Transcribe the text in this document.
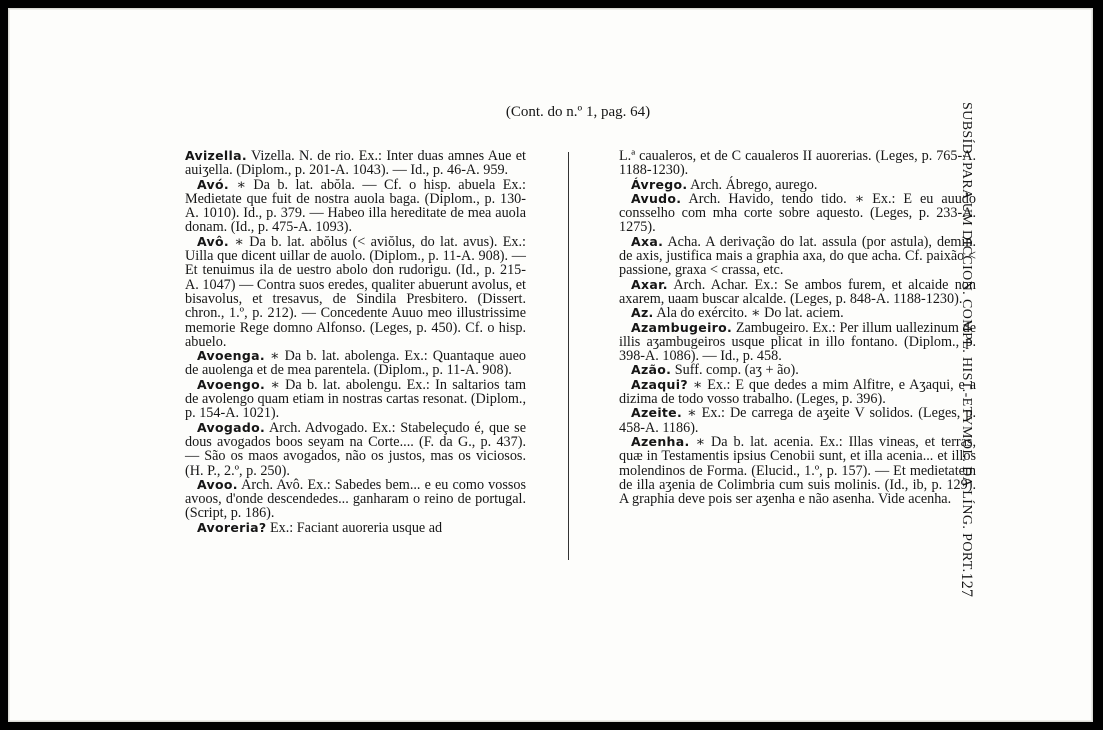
(Cont. do n.º 1, pag. 64)

Avizella. Vizella. N. de rio. Ex.: Inter duas amnes Aue et auiʒella. (Diplom., p. 201-A. 1043). — Id., p. 46-A. 959.

Avó. ∗ Da b. lat. abŏla. — Cf. o hisp. abuela Ex.: Medietate que fuit de nostra auola baga. (Diplom., p. 130-A. 1010). Id., p. 379. — Habeo illa hereditate de mea auola donam. (Id., p. 475-A. 1093).

Avô. ∗ Da b. lat. abŏlus (< aviŏlus, do lat. avus). Ex.: Uilla que dicent uillar de auolo. (Diplom., p. 11-A. 908). — Et tenuimus ila de uestro abolo don rudorigu. (Id., p. 215-A. 1047) — Contra suos eredes, qualiter abuerunt avolus, et bisavolus, et tresavus, de Sindila Presbitero. (Dissert. chron., 1.º, p. 212). — Concedente Auuo meo illustrissime memorie Rege domno Alfonso. (Leges, p. 450). Cf. o hisp. abuelo.

Avoenga. ∗ Da b. lat. abolenga. Ex.: Quantaque aueo de auolenga et de mea parentela. (Diplom., p. 11-A. 908).

Avoengo. ∗ Da b. lat. abolengu. Ex.: In saltarios tam de avolengo quam etiam in nostras cartas resonat. (Diplom., p. 154-A. 1021).

Avogado. Arch. Advogado. Ex.: Stabeleçudo é, que se dous avogados boos seyam na Corte.... (F. da G., p. 437). — São os maos avogados, não os justos, mas os viciosos. (H. P., 2.º, p. 250).

Avoo. Arch. Avô. Ex.: Sabedes bem... e eu como vossos avoos, d'onde descendedes... ganharam o reino de portugal. (Script, p. 186).

Avoreria? Ex.: Faciant auoreria usque ad

L.ª caualeros, et de C caualeros II auorerias. (Leges, p. 765-A. 1188-1230).

Ávrego. Arch. Ábrego, aurego.

Avudo. Arch. Havido, tendo tido. ∗ Ex.: E eu auudo consselho com mha corte sobre aquesto. (Leges, p. 233-A. 1275).

Axa. Acha. A derivação do lat. assula (por astula), demin. de axis, justifica mais a graphia axa, do que acha. Cf. paixão < passione, graxa < crassa, etc.

Axar. Arch. Achar. Ex.: Se ambos furem, et alcaide non axarem, uaam buscar alcalde. (Leges, p. 848-A. 1188-1230).

Az. Ala do exército. ∗ Do lat. aciem.

Azambugeiro. Zambugeiro. Ex.: Per illum uallezinum de illis aʒambugeiros usque plicat in illo fontano. (Diplom., p. 398-A. 1086). — Id., p. 458.

Azão. Suff. comp. (aʒ + ão).

Azaqui? ∗ Ex.: E que dedes a mim Alfitre, e Aʒaqui, e a dizima de todo vosso trabalho. (Leges, p. 396).

Azeite. ∗ Ex.: De carrega de aʒeite V solidos. (Leges, p. 458-A. 1186).

Azenha. ∗ Da b. lat. acenia. Ex.: Illas vineas, et terras, quæ in Testamentis ipsius Cenobii sunt, et illa acenia... et illos molendinos de Forma. (Elucid., 1.º, p. 157). — Et medietatem de illa aʒenia de Colimbria cum suis molinis. (Id., ib, p. 129). A graphia deve pois ser aʒenha e não asenha. Vide acenha. SUBSÍD. PARA UM DICCION. COMPL. HIST.-ETYMOL. DA LÍNG. PORT.
127
